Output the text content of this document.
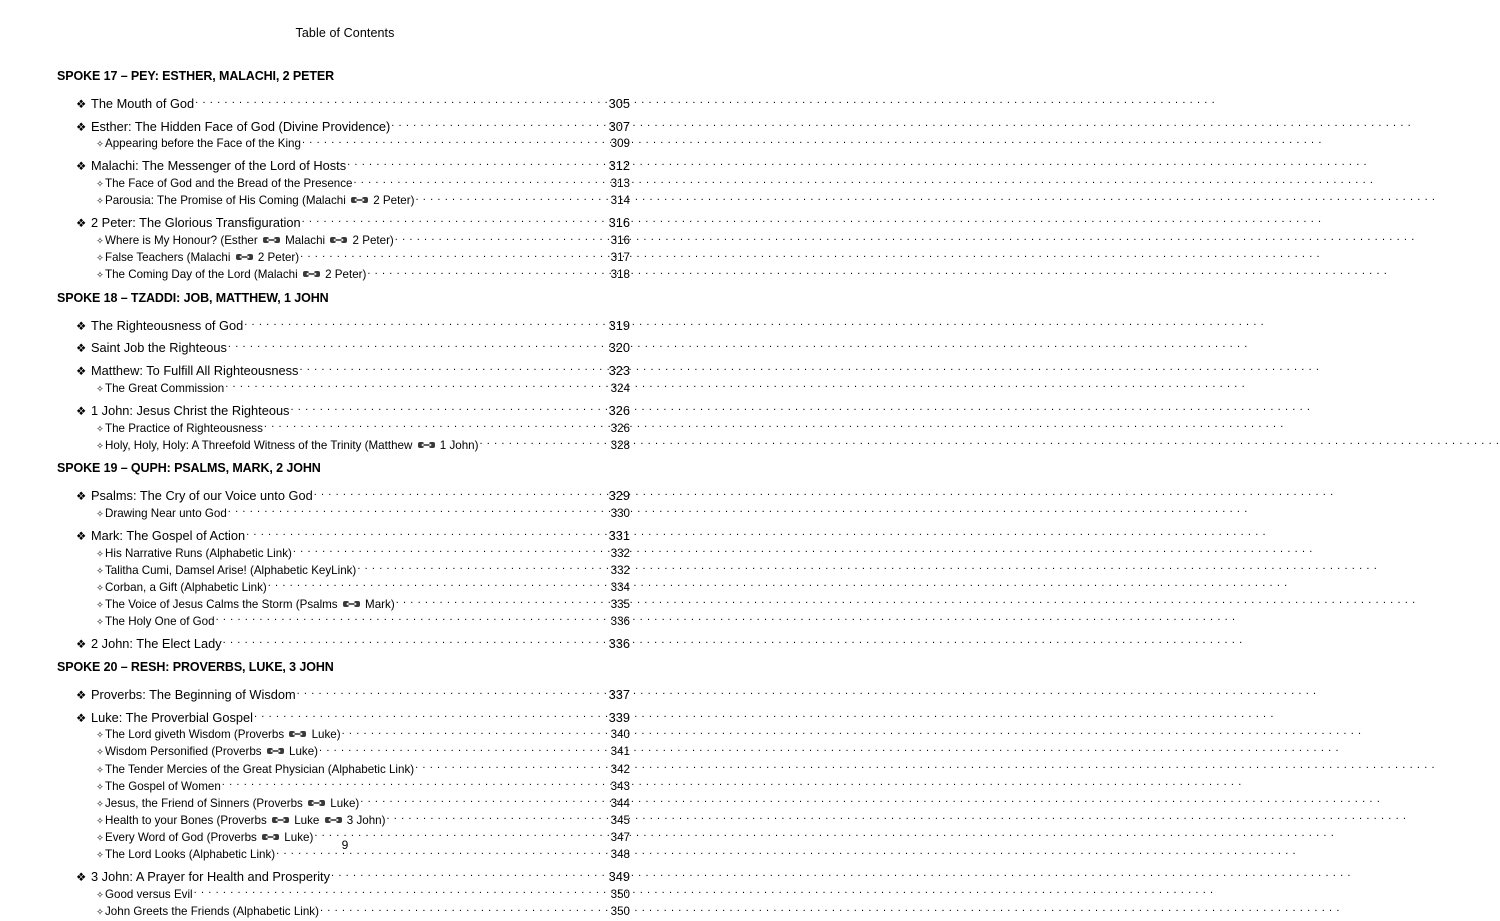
Table of Contents
SPOKE 17 – PEY: ESTHER, MALACHI, 2 PETER
❖ The Mouth of God . . .	305
❖ Esther: The Hidden Face of God (Divine Providence) . . .	307
✧ Appearing before the Face of the King . . .	309
❖ Malachi: The Messenger of the Lord of Hosts . . .	312
✧ The Face of God and the Bread of the Presence . . .	313
✧ Parousia: The Promise of His Coming (Malachi
2 Peter) . . .	314
❖ 2 Peter: The Glorious Transfiguration . . .	316
✧ Where is My Honour? (Esther
Malachi
2 Peter) . . .	316
✧ False Teachers (Malachi
2 Peter) . . .	317
✧ The Coming Day of the Lord (Malachi
2 Peter) . . .	318
SPOKE 18 – TZADDI: JOB, MATTHEW, 1 JOHN
❖ The Righteousness of God . . .	319
❖ Saint Job the Righteous . . .	320
❖ Matthew: To Fulfill All Righteousness . . .	323
✧ The Great Commission . . .	324
❖ 1 John: Jesus Christ the Righteous . . .	326
✧ The Practice of Righteousness . . .	326
✧ Holy, Holy, Holy: A Threefold Witness of the Trinity (Matthew
1 John) . . .	328
SPOKE 19 – QUPH: PSALMS, MARK, 2 JOHN
❖ Psalms: The Cry of our Voice unto God . . .	329
✧ Drawing Near unto God . . .	330
❖ Mark: The Gospel of Action . . .	331
✧ His Narrative Runs (Alphabetic Link) . . .	332
✧ Talitha Cumi, Damsel Arise! (Alphabetic KeyLink) . . .	332
✧ Corban, a Gift (Alphabetic Link) . . .	334
✧ The Voice of Jesus Calms the Storm (Psalms
Mark) . . .	335
✧ The Holy One of God . . .	336
❖ 2 John: The Elect Lady . . .	336
SPOKE 20 – RESH: PROVERBS, LUKE, 3 JOHN
❖ Proverbs: The Beginning of Wisdom . . .	337
❖ Luke: The Proverbial Gospel . . .	339
✧ The Lord giveth Wisdom (Proverbs
Luke) . . .	340
✧ Wisdom Personified (Proverbs
Luke) . . .	341
✧ The Tender Mercies of the Great Physician (Alphabetic Link) . . .	342
✧ The Gospel of Women . . .	343
✧ Jesus, the Friend of Sinners (Proverbs
Luke) . . .	344
✧ Health to your Bones (Proverbs
Luke
3 John) . . .	345
✧ Every Word of God (Proverbs
Luke) . . .	347
✧ The Lord Looks (Alphabetic Link) . . .	348
❖ 3 John: A Prayer for Health and Prosperity . . .	349
✧ Good versus Evil . . .	350
✧ John Greets the Friends (Alphabetic Link) . . .	350
9
